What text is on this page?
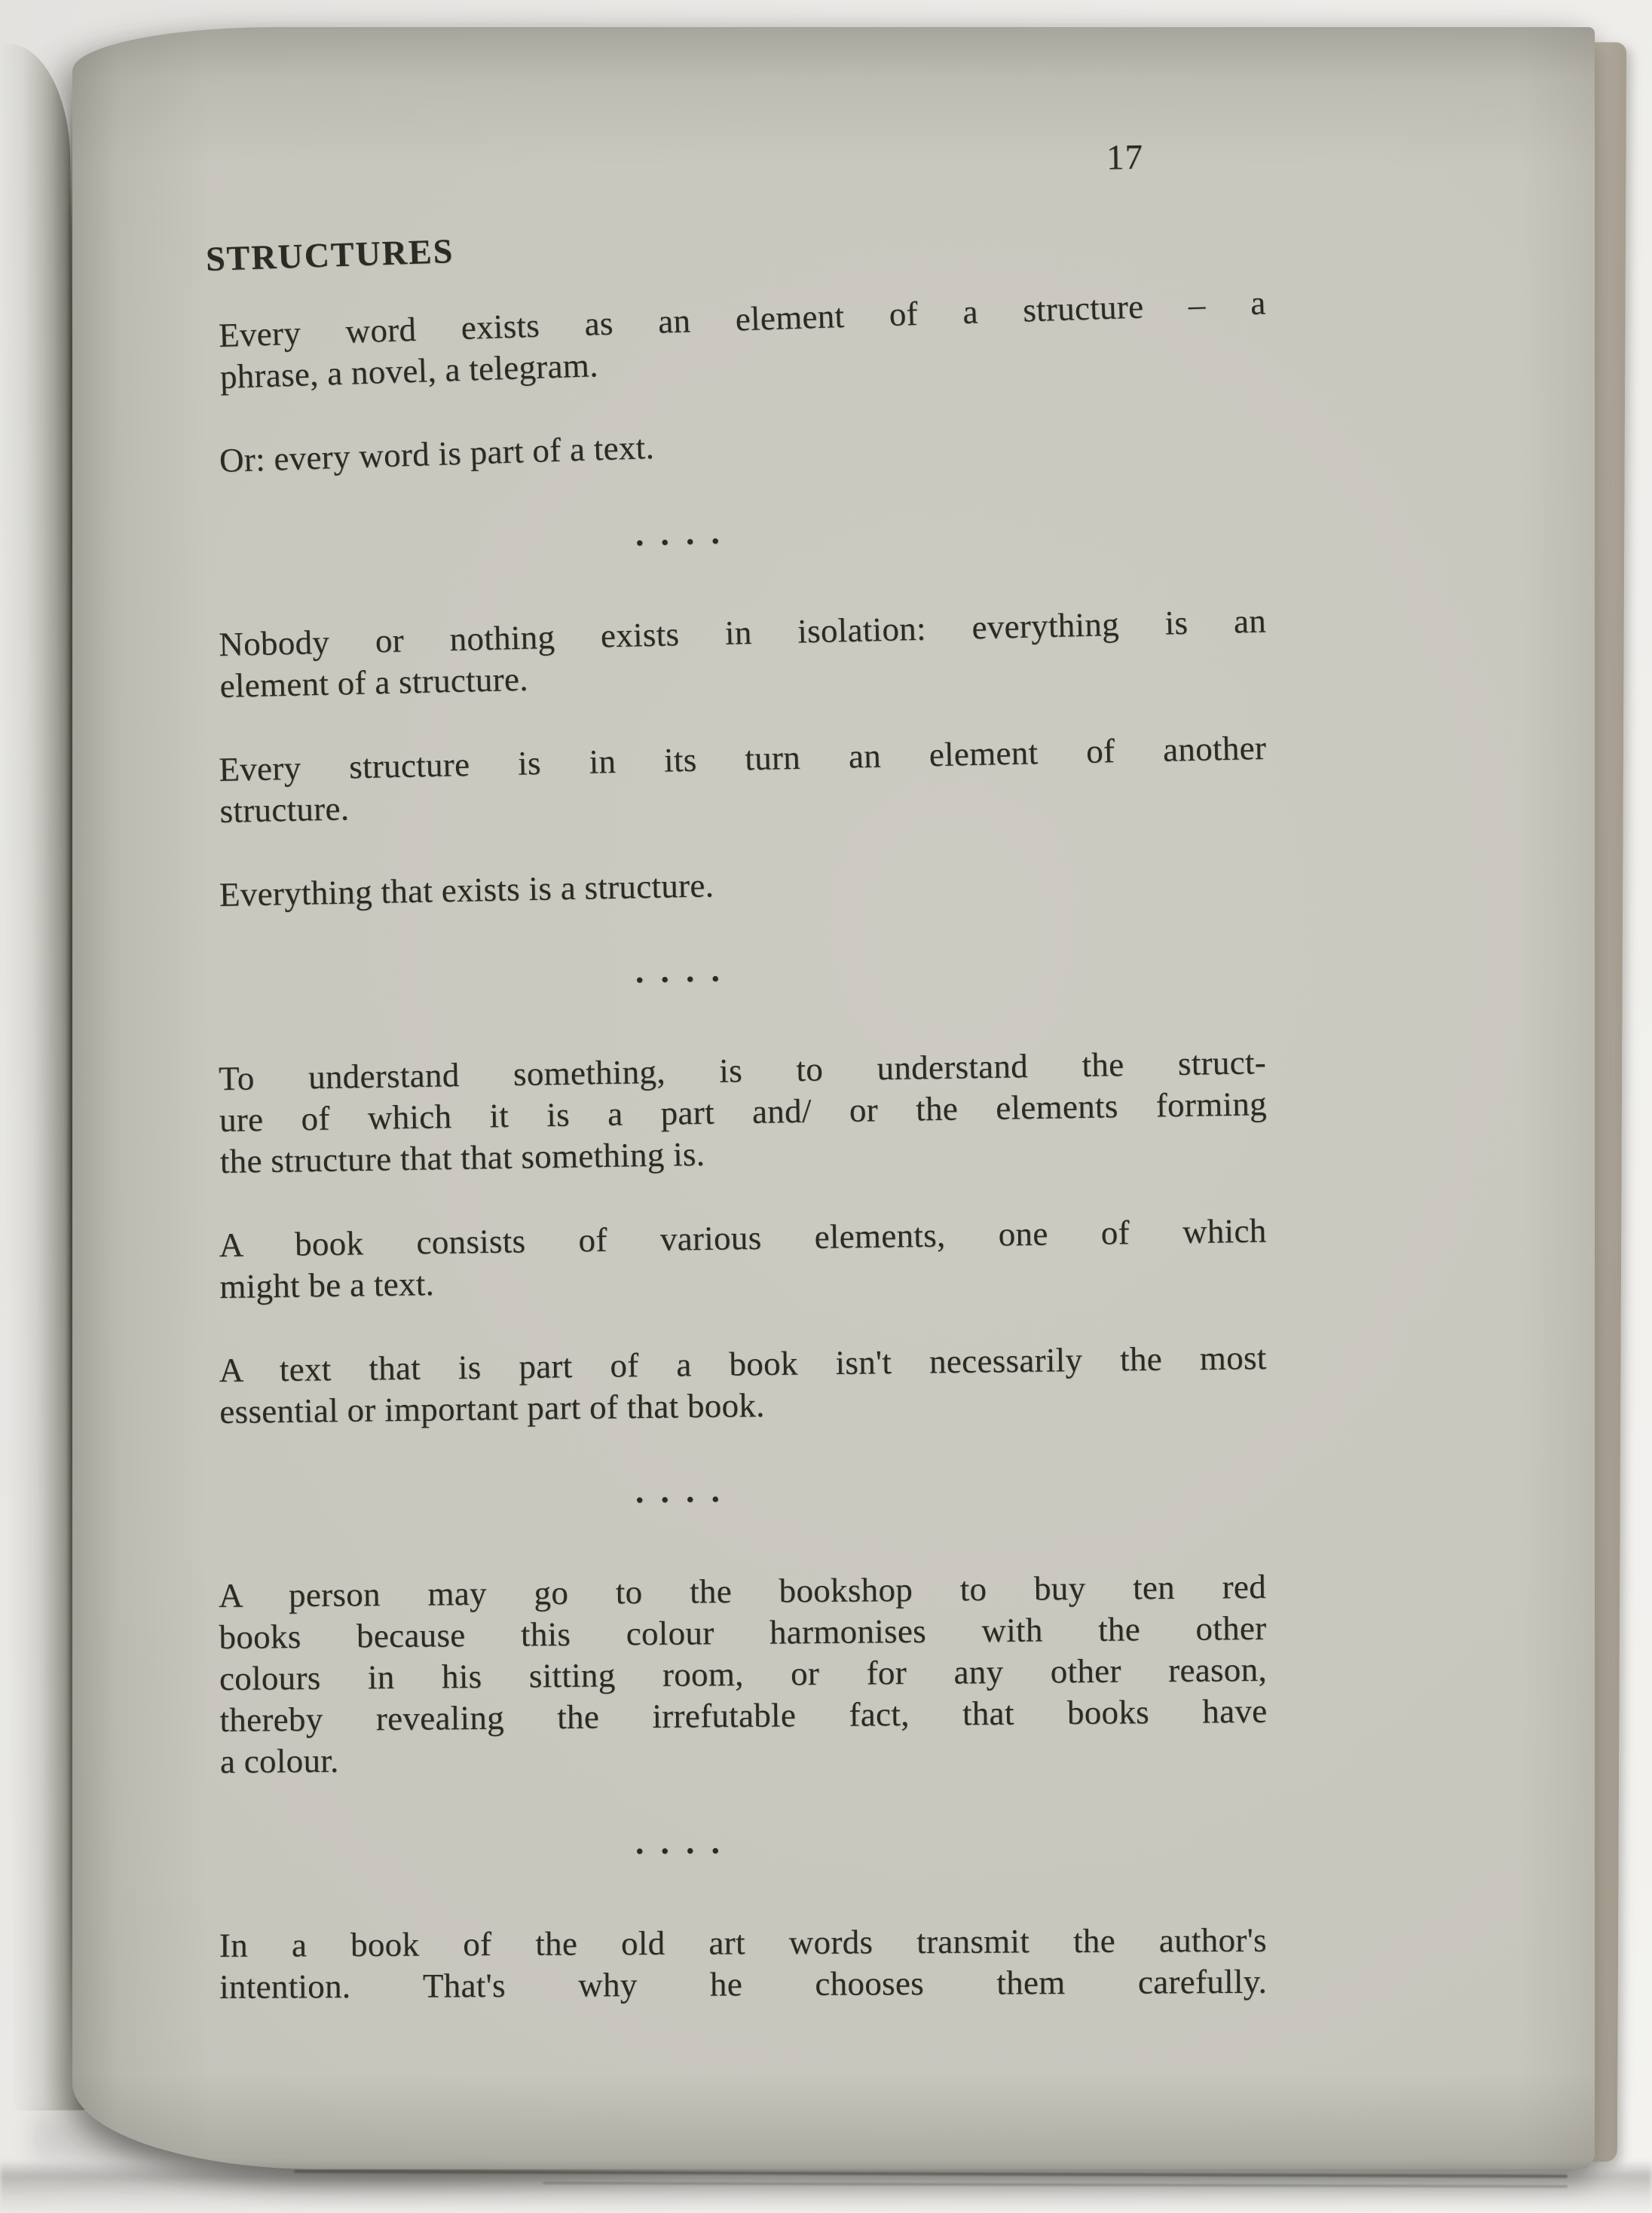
17
STRUCTURES

Every word exists as an element of a structure – a
phrase, a novel, a telegram.

Or: every word is part of a text.

. . . .

Nobody or nothing exists in isolation: everything is an
element of a structure.

Every structure is in its turn an element of another
structure.

Everything that exists is a structure.

. . . .

To understand something, is to understand the struct-
ure of which it is a part and/ or the elements forming
the structure that that something is.

A book consists of various elements, one of which
might be a text.

A text that is part of a book isn't necessarily the most
essential or important part of that book.

. . . .

A person may go to the bookshop to buy ten red
books because this colour harmonises with the other
colours in his sitting room, or for any other reason,
thereby revealing the irrefutable fact, that books have
a colour.

. . . .

In a book of the old art words transmit the author's
intention. That's why he chooses them carefully.
